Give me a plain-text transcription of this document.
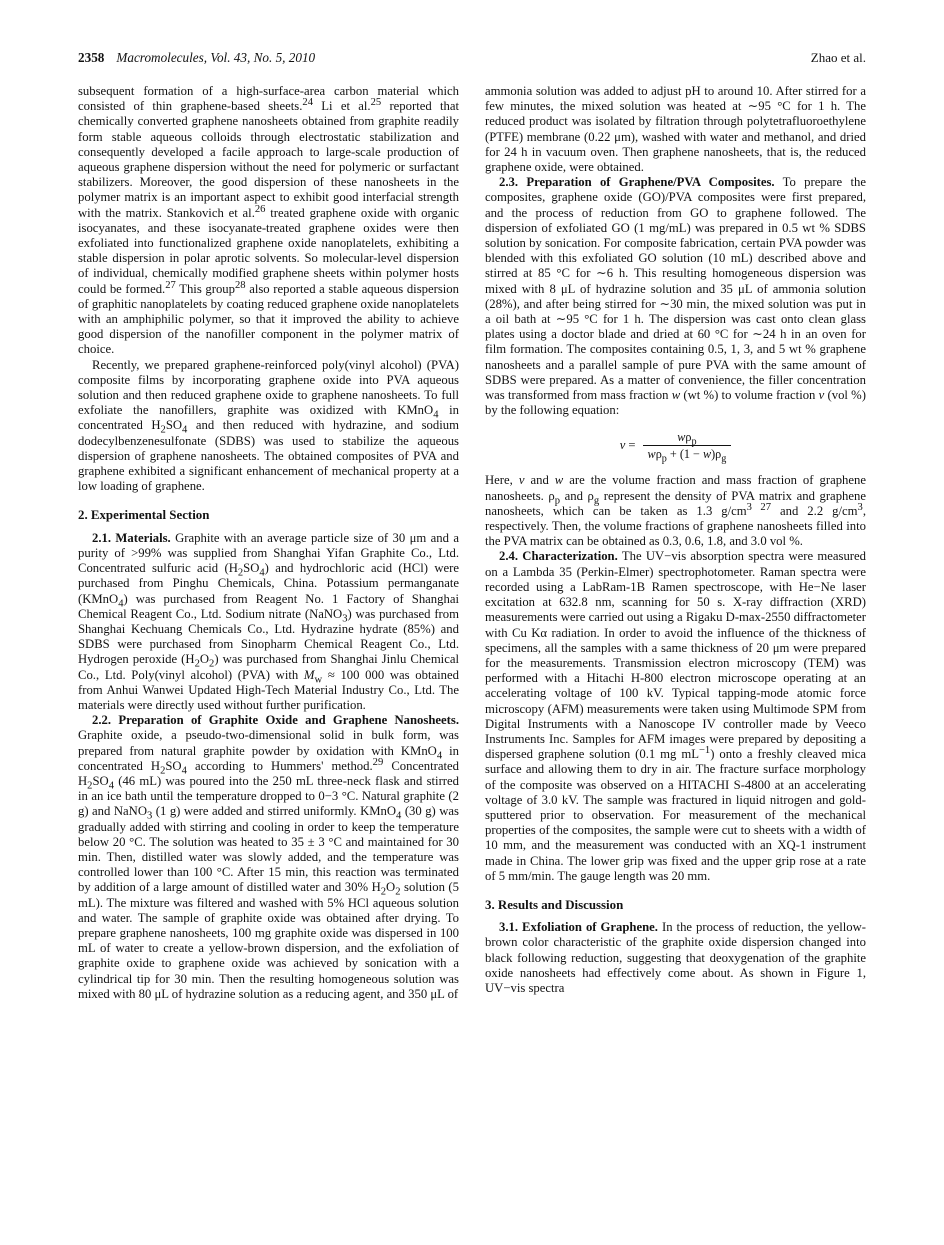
2358 Macromolecules, Vol. 43, No. 5, 2010	Zhao et al.

subsequent formation of a high-surface-area carbon material which consisted of thin graphene-based sheets.$^{24}$ Li et al.$^{25}$ reported that chemically converted graphene nanosheets obtained from graphite readily form stable aqueous colloids through electrostatic stabilization and consequently developed a facile approach to large-scale production of aqueous graphene dispersion without the need for polymeric or surfactant stabilizers. Moreover, the good dispersion of these nanosheets in the polymer matrix is an important aspect to exhibit good interfacial strength with the matrix. Stankovich et al.$^{26}$ treated graphene oxide with organic isocyanates, and these isocyanate-treated graphene oxides were then exfoliated into functionalized graphene oxide nanoplatelets, exhibiting a stable dispersion in polar aprotic solvents. So molecular-level dispersion of individual, chemically modified graphene sheets within polymer hosts could be formed.$^{27}$ This group$^{28}$ also reported a stable aqueous dispersion of graphitic nanoplatelets by coating reduced graphene oxide nanoplatelets with an amphiphilic polymer, so that it improved the ability to achieve good dispersion of the nanofiller component in the polymer matrix of choice.

Recently, we prepared graphene-reinforced poly(vinyl alcohol) (PVA) composite films by incorporating graphene oxide into PVA aqueous solution and then reduced graphene oxide to graphene nanosheets. To full exfoliate the nanofillers, graphite was oxidized with KMnO$_4$ in concentrated $H_2SO_4$ and then reduced with hydrazine, and sodium dodecylbenzenesulfonate (SDBS) was used to stabilize the aqueous dispersion of graphene nanosheets. The obtained composites of PVA and graphene exhibited a significant enhancement of mechanical property at a low loading of graphene.

2. Experimental Section

2.1. Materials. Graphite with an average particle size of 30 μm and a purity of >99% was supplied from Shanghai Yifan Graphite Co., Ltd. Concentrated sulfuric acid $(H_2SO_4)$ and hydrochloric acid (HCl) were purchased from Pinghu Chemicals, China. Potassium permanganate (KMnO$_4$) was purchased from Reagent No. 1 Factory of Shanghai Chemical Reagent Co., Ltd. Sodium nitrate (NaNO$_3$) was purchased from Shanghai Kechuang Chemicals Co., Ltd. Hydrazine hydrate (85%) and SDBS were purchased from Sinopharm Chemical Reagent Co., Ltd. Hydrogen peroxide $(H_2O_2)$ was purchased from Shanghai Jinlu Chemical Co., Ltd. Poly(vinyl alcohol) (PVA) with $M_w \approx 100$ 000 was obtained from Anhui Wanwei Updated High-Tech Material Industry Co., Ltd. The materials were directly used without further purification.

2.2. Preparation of Graphite Oxide and Graphene Nanosheets. Graphite oxide, a pseudo-two-dimensional solid in bulk form, was prepared from natural graphite powder by oxidation with KMnO$_4$ in concentrated $H_2SO_4$ according to Hummers' method.$^{29}$ Concentrated $H_2SO_4$ (46 mL) was poured into the 250 mL three-neck flask and stirred in an ice bath until the temperature dropped to 0−3 °C. Natural graphite (2 g) and NaNO$_3$ (1 g) were added and stirred uniformly. KMnO$_4$ (30 g) was gradually added with stirring and cooling in order to keep the temperature below 20 °C. The solution was heated to 35 ± 3 °C and maintained for 30 min. Then, distilled water was slowly added, and the temperature was controlled lower than 100 °C. After 15 min, this reaction was terminated by addition of a large amount of distilled water and 30% $H_2O_2$ solution (5 mL). The mixture was filtered and washed with 5% HCl aqueous solution and water. The sample of graphite oxide was obtained after drying. To prepare graphene nanosheets, 100 mg graphite oxide was dispersed in 100 mL of water to create a yellow-brown dispersion, and the exfoliation of graphite oxide to graphene oxide was achieved by sonication with a cylindrical tip for 30 min. Then the resulting homogeneous solution was mixed with 80 μL of hydrazine solution as a reducing agent, and 350 μL of

ammonia solution was added to adjust pH to around 10. After stirred for a few minutes, the mixed solution was heated at ∼95 °C for 1 h. The reduced product was isolated by filtration through polytetrafluoroethylene (PTFE) membrane (0.22 μm), washed with water and methanol, and dried for 24 h in vacuum oven. Then graphene nanosheets, that is, the reduced graphene oxide, were obtained.

2.3. Preparation of Graphene/PVA Composites. To prepare the composites, graphene oxide (GO)/PVA composites were first prepared, and the process of reduction from GO to graphene followed. The dispersion of exfoliated GO (1 mg/mL) was prepared in 0.5 wt % SDBS solution by sonication. For composite fabrication, certain PVA powder was blended with this exfoliated GO solution (10 mL) described above and stirred at 85 °C for ∼6 h. This resulting homogeneous dispersion was mixed with 8 μL of hydrazine solution and 35 μL of ammonia solution (28%), and after being stirred for ∼30 min, the mixed solution was put in a oil bath at ∼95 °C for 1 h. The dispersion was cast onto clean glass plates using a doctor blade and dried at 60 °C for ∼24 h in an oven for film formation. The composites containing 0.5, 1, 3, and 5 wt % graphene nanosheets and a parallel sample of pure PVA with the same amount of SDBS were prepared. As a matter of convenience, the filler concentration was transformed from mass fraction w (wt %) to volume fraction v (vol %) by the following equation:

$v = \frac{w\rho_p}{w\rho_p + (1 - w)\rho_g}$

Here, v and w are the volume fraction and mass fraction of graphene nanosheets. $\rho_p$ and $\rho_g$ represent the density of PVA matrix and graphene nanosheets, which can be taken as 1.3 $g/cm^{3 27}$ and 2.2 $g/cm^3$, respectively. Then, the volume fractions of graphene nanosheets filled into the PVA matrix can be obtained as 0.3, 0.6, 1.8, and 3.0 vol %.

2.4. Characterization. The UV−vis absorption spectra were measured on a Lambda 35 (Perkin-Elmer) spectrophotometer. Raman spectra were recorded using a LabRam-1B Ramen spectroscope, with He−Ne laser excitation at 632.8 nm, scanning for 50 s. X-ray diffraction (XRD) measurements were carried out using a Rigaku D-max-2550 diffractometer with Cu Kα radiation. In order to avoid the influence of the thickness of specimens, all the samples with a same thickness of 20 μm were prepared for the measurements. Transmission electron microscopy (TEM) was performed with a Hitachi H-800 electron microscope operating at an accelerating voltage of 100 kV. Typical tapping-mode atomic force microscopy (AFM) measurements were taken using Multimode SPM from Digital Instruments with a Nanoscope IV controller made by Veeco Instruments Inc. Samples for AFM images were prepared by depositing a dispersed graphene solution (0.1 mg $mL^{-1}$) onto a freshly cleaved mica surface and allowing them to dry in air. The fracture surface morphology of the composite was observed on a HITACHI S-4800 at an accelerating voltage of 3.0 kV. The sample was fractured in liquid nitrogen and gold-sputtered prior to observation. For measurement of the mechanical properties of the composites, the sample were cut to sheets with a width of 10 mm, and the measurement was conducted with an XQ-1 instrument made in China. The lower grip was fixed and the upper grip rose at a rate of 5 mm/min. The gauge length was 20 mm.

3. Results and Discussion

3.1. Exfoliation of Graphene. In the process of reduction, the yellow-brown color characteristic of the graphite oxide dispersion changed into black following reduction, suggesting that deoxygenation of the graphite oxide nanosheets had effectively come about. As shown in Figure 1, UV−vis spectra
